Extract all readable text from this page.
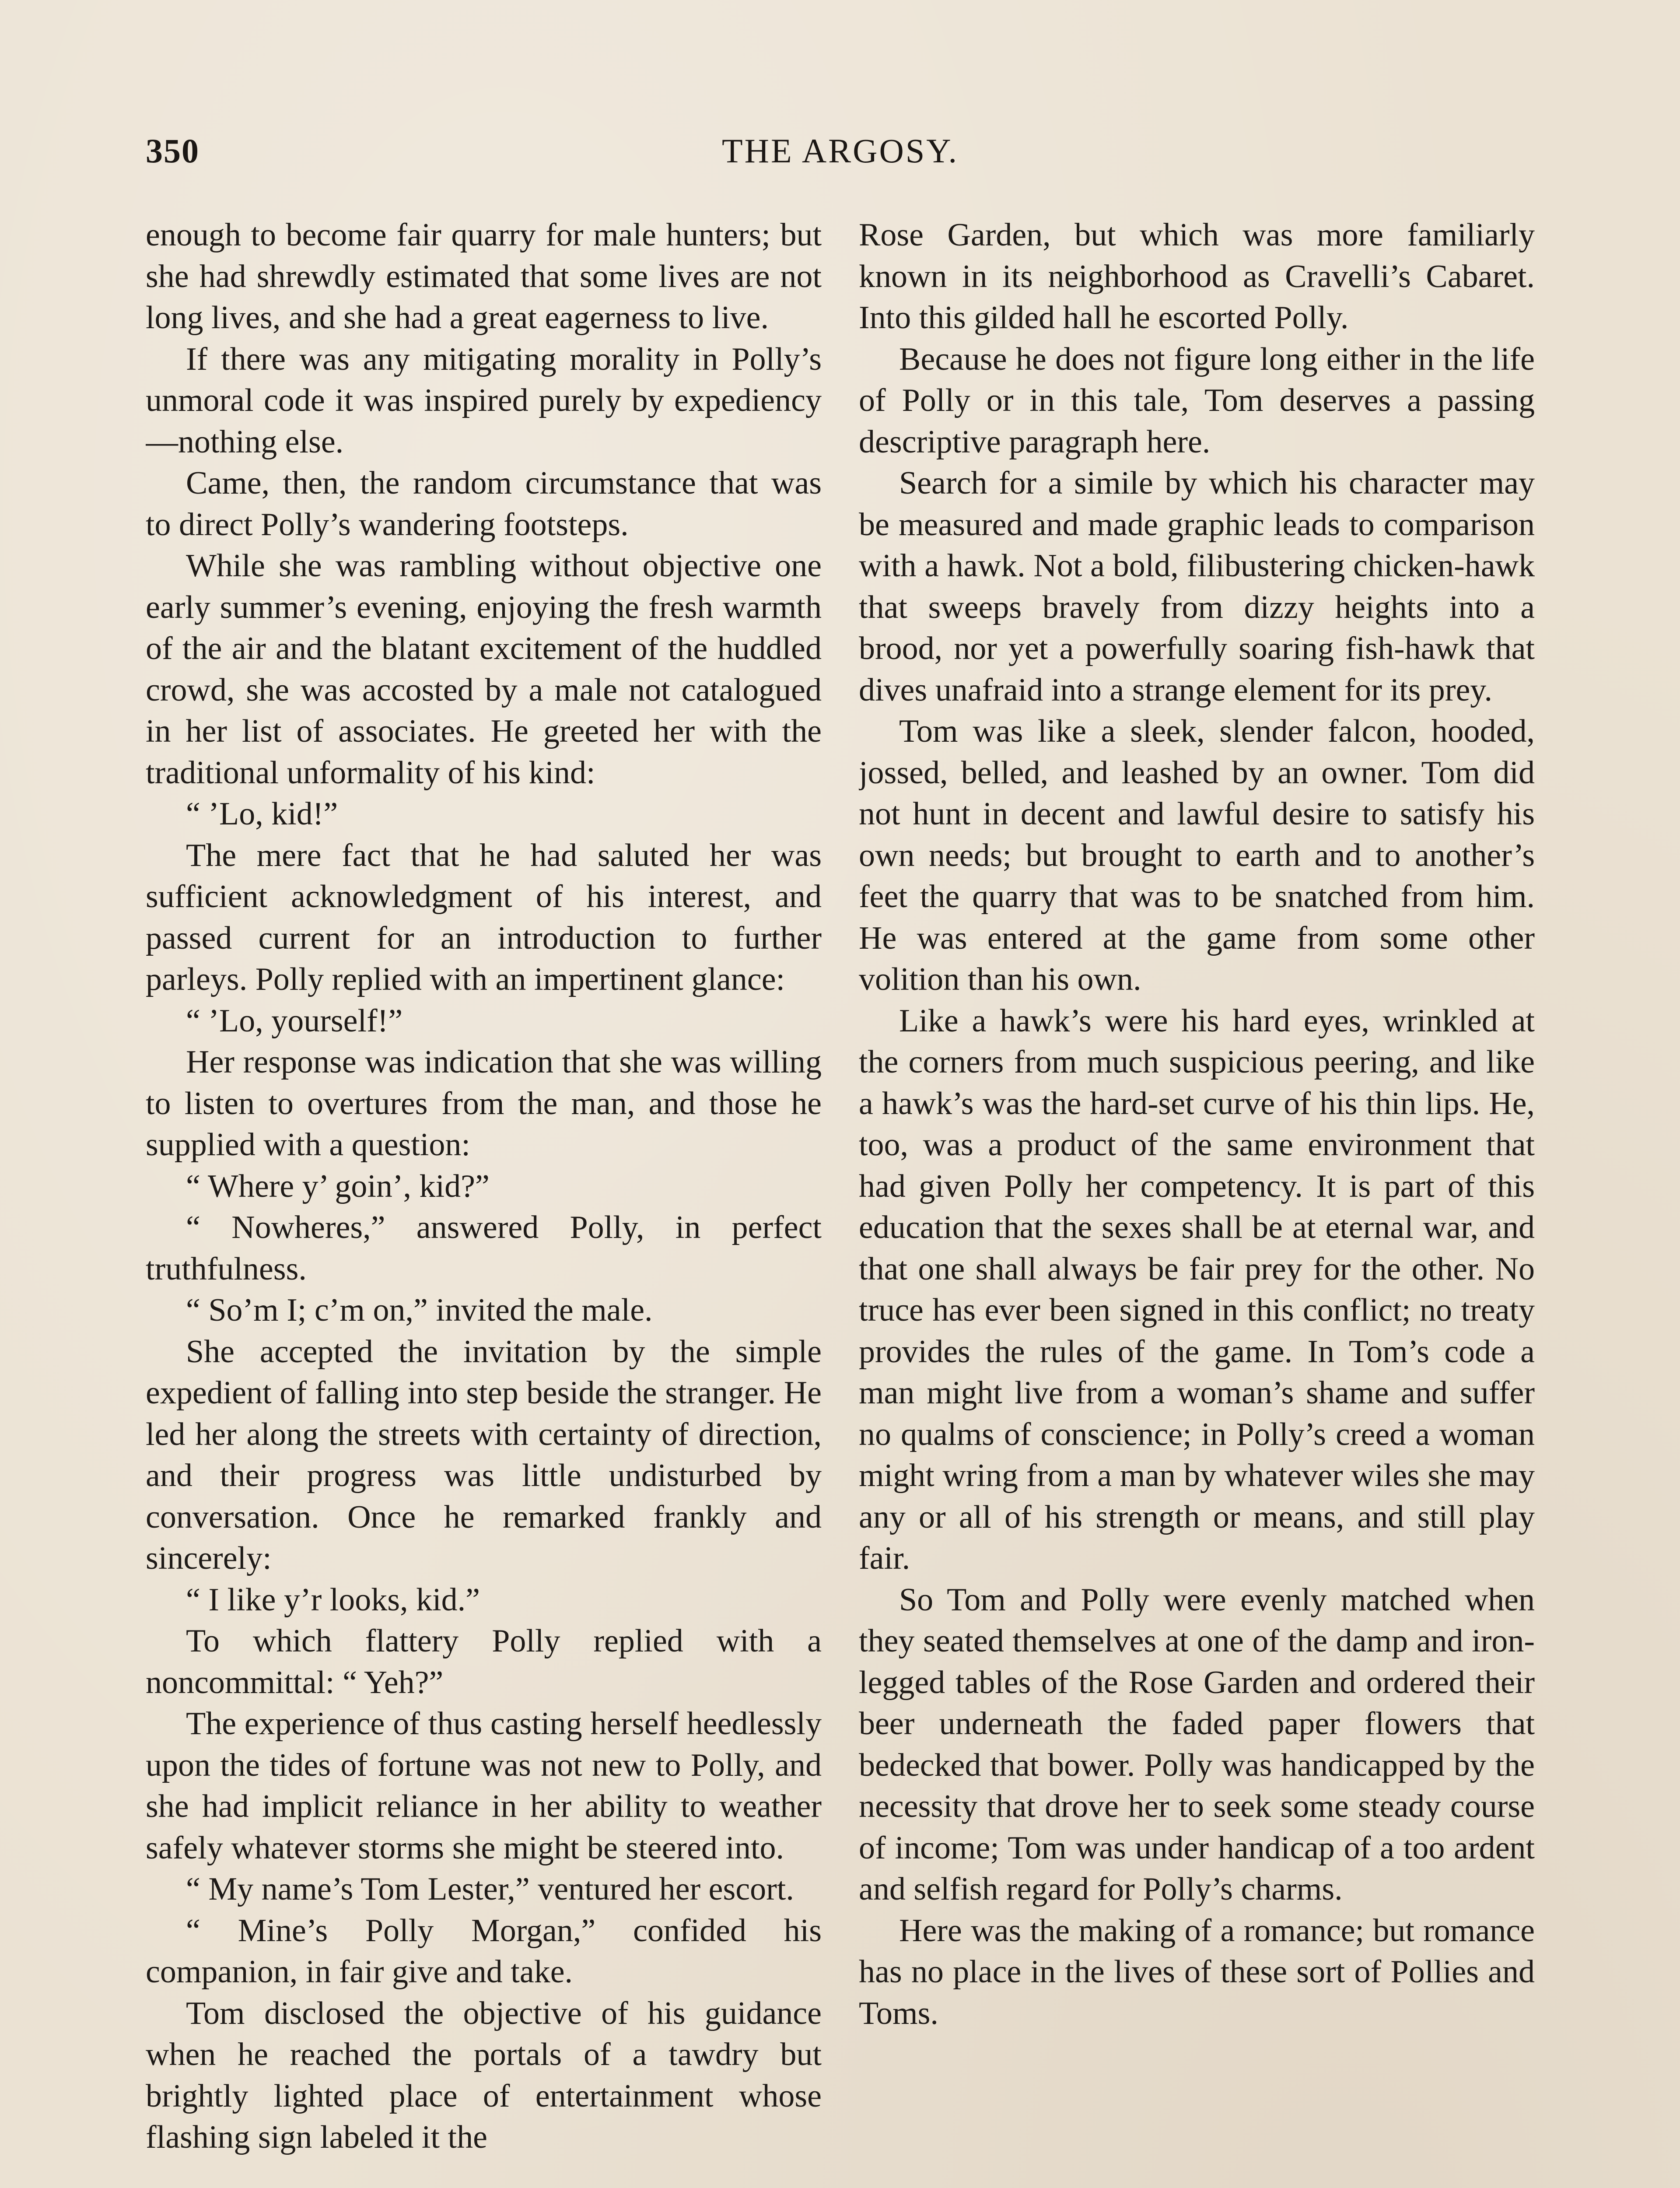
350	THE ARGOSY.

enough to become fair quarry for male hunters; but she had shrewdly estimated that some lives are not long lives, and she had a great eagerness to live.

If there was any mitigating morality in Polly’s unmoral code it was inspired purely by expediency—nothing else.

Came, then, the random circumstance that was to direct Polly’s wandering footsteps.

While she was rambling without objective one early summer’s evening, enjoying the fresh warmth of the air and the blatant excitement of the huddled crowd, she was accosted by a male not catalogued in her list of associates. He greeted her with the traditional unformality of his kind:

“ ’Lo, kid!”

The mere fact that he had saluted her was sufficient acknowledgment of his interest, and passed current for an introduction to further parleys. Polly replied with an impertinent glance:

“ ’Lo, yourself!”

Her response was indication that she was willing to listen to overtures from the man, and those he supplied with a question:

“ Where y’ goin’, kid?”

“ Nowheres,” answered Polly, in perfect truthfulness.

“ So’m I; c’m on,” invited the male.

She accepted the invitation by the simple expedient of falling into step beside the stranger. He led her along the streets with certainty of direction, and their progress was little undisturbed by conversation. Once he remarked frankly and sincerely:

“ I like y’r looks, kid.”

To which flattery Polly replied with a noncommittal: “ Yeh?”

The experience of thus casting herself heedlessly upon the tides of fortune was not new to Polly, and she had implicit reliance in her ability to weather safely whatever storms she might be steered into.

“ My name’s Tom Lester,” ventured her escort.

“ Mine’s Polly Morgan,” confided his companion, in fair give and take.

Tom disclosed the objective of his guidance when he reached the portals of a tawdry but brightly lighted place of entertainment whose flashing sign labeled it the

Rose Garden, but which was more familiarly known in its neighborhood as Cravelli’s Cabaret. Into this gilded hall he escorted Polly.

Because he does not figure long either in the life of Polly or in this tale, Tom deserves a passing descriptive paragraph here.

Search for a simile by which his character may be measured and made graphic leads to comparison with a hawk. Not a bold, filibustering chicken-hawk that sweeps bravely from dizzy heights into a brood, nor yet a powerfully soaring fish-hawk that dives unafraid into a strange element for its prey.

Tom was like a sleek, slender falcon, hooded, jossed, belled, and leashed by an owner. Tom did not hunt in decent and lawful desire to satisfy his own needs; but brought to earth and to another’s feet the quarry that was to be snatched from him. He was entered at the game from some other volition than his own.

Like a hawk’s were his hard eyes, wrinkled at the corners from much suspicious peering, and like a hawk’s was the hard-set curve of his thin lips. He, too, was a product of the same environment that had given Polly her competency. It is part of this education that the sexes shall be at eternal war, and that one shall always be fair prey for the other. No truce has ever been signed in this conflict; no treaty provides the rules of the game. In Tom’s code a man might live from a woman’s shame and suffer no qualms of conscience; in Polly’s creed a woman might wring from a man by whatever wiles she may any or all of his strength or means, and still play fair.

So Tom and Polly were evenly matched when they seated themselves at one of the damp and iron-legged tables of the Rose Garden and ordered their beer underneath the faded paper flowers that bedecked that bower. Polly was handicapped by the necessity that drove her to seek some steady course of income; Tom was under handicap of a too ardent and selfish regard for Polly’s charms.

Here was the making of a romance; but romance has no place in the lives of these sort of Pollies and Toms.
